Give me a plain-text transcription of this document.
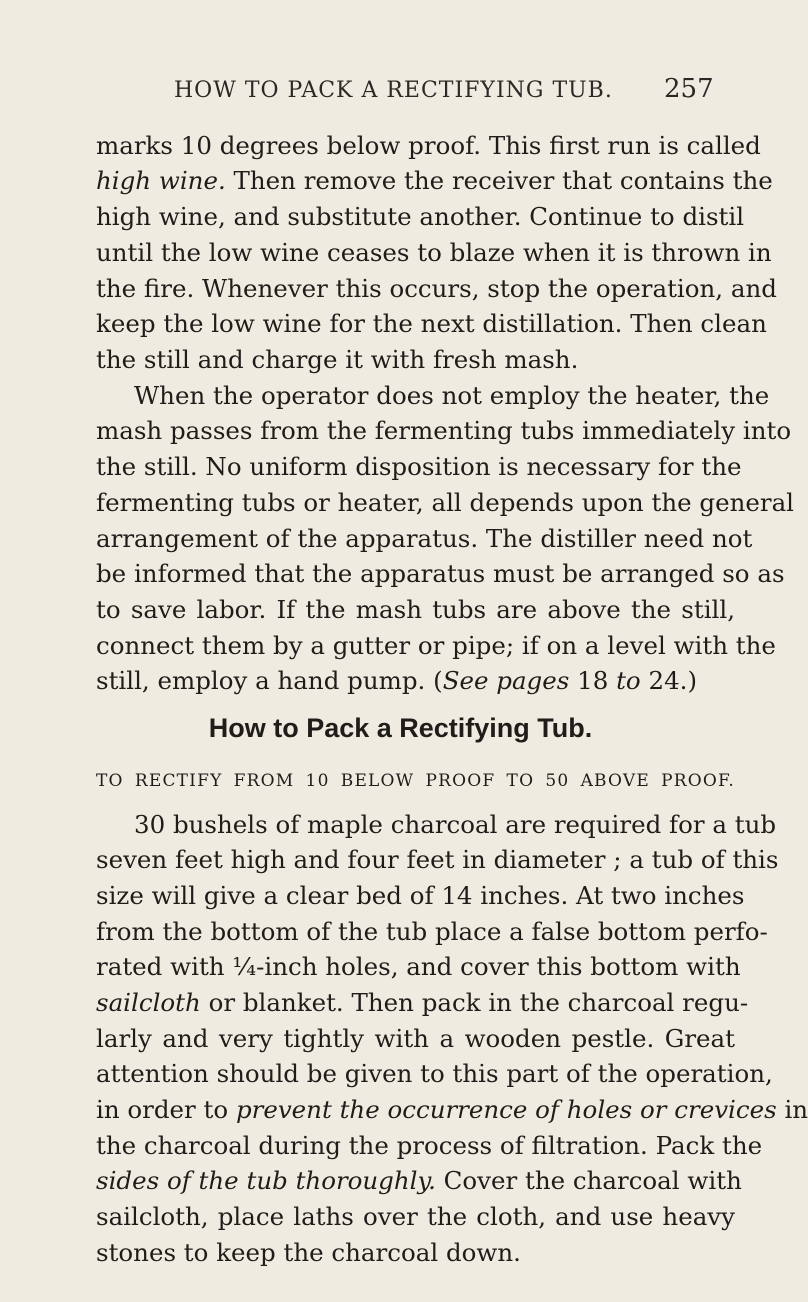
HOW TO PACK A RECTIFYING TUB. 257
marks 10 degrees below proof. This first run is called
high wine. Then remove the receiver that contains the
high wine, and substitute another. Continue to distil
until the low wine ceases to blaze when it is thrown in
the fire. Whenever this occurs, stop the operation, and
keep the low wine for the next distillation. Then clean
the still and charge it with fresh mash.
When the operator does not employ the heater, the
mash passes from the fermenting tubs immediately into
the still. No uniform disposition is necessary for the
fermenting tubs or heater, all depends upon the general
arrangement of the apparatus. The distiller need not
be informed that the apparatus must be arranged so as
to save labor. If the mash tubs are above the still,
connect them by a gutter or pipe; if on a level with the
still, employ a hand pump. (See pages 18 to 24.)
How to Pack a Rectifying Tub.
TO RECTIFY FROM 10 BELOW PROOF TO 50 ABOVE PROOF.
30 bushels of maple charcoal are required for a tub
seven feet high and four feet in diameter ; a tub of this
size will give a clear bed of 14 inches. At two inches
from the bottom of the tub place a false bottom perfo-
rated with ¼-inch holes, and cover this bottom with
sailcloth or blanket. Then pack in the charcoal regu-
larly and very tightly with a wooden pestle. Great
attention should be given to this part of the operation,
in order to prevent the occurrence of holes or crevices in
the charcoal during the process of filtration. Pack the
sides of the tub thoroughly. Cover the charcoal with
sailcloth, place laths over the cloth, and use heavy
stones to keep the charcoal down.
